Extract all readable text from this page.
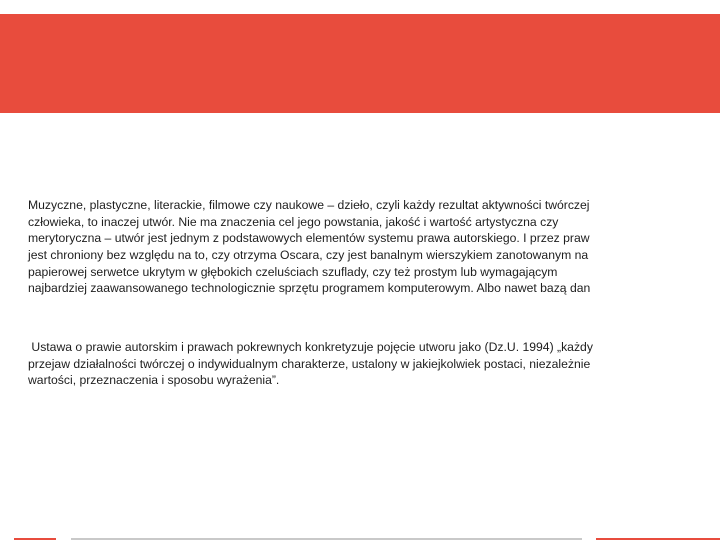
Muzyczne, plastyczne, literackie, filmowe czy naukowe – dzieło, czyli każdy rezultat aktywności twórczej
człowieka, to inaczej utwór. Nie ma znaczenia cel jego powstania, jakość i wartość artystyczna czy
merytoryczna – utwór jest jednym z podstawowych elementów systemu prawa autorskiego. I przez praw
jest chroniony bez względu na to, czy otrzyma Oscara, czy jest banalnym wierszykiem zanotowanym na
papierowej serwetce ukrytym w głębokich czeluściach szuflady, czy też prostym lub wymagającym
najbardziej zaawansowanego technologicznie sprzętu programem komputerowym. Albo nawet bazą dan
Ustawa o prawie autorskim i prawach pokrewnych konkretyzuje pojęcie utworu jako (Dz.U. 1994) „każdy
przejaw działalności twórczej o indywidualnym charakterze, ustalony w jakiejkolwiek postaci, niezależnie
wartości, przeznaczenia i sposobu wyrażenia”.
